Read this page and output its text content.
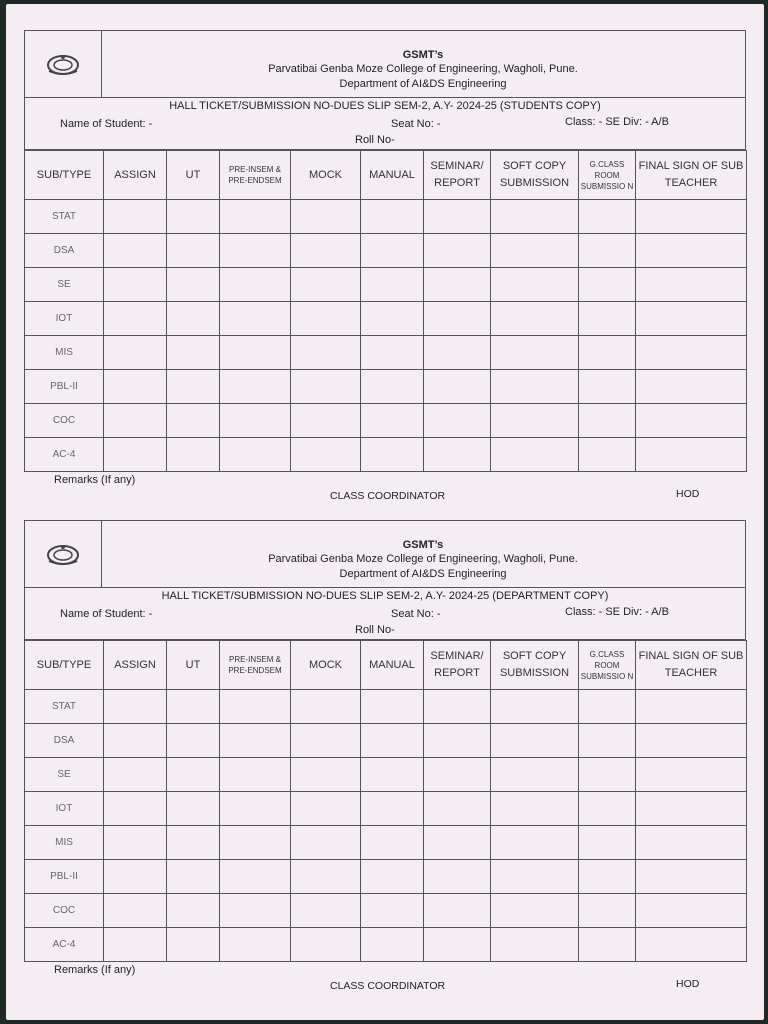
GSMT’s
Parvatibai Genba Moze College of Engineering, Wagholi, Pune.
Department of AI&DS Engineering
HALL TICKET/SUBMISSION NO-DUES SLIP SEM-2, A.Y- 2024-25 (STUDENTS COPY)
Name of Student: -	Seat No: -	Class: - SE Div: - A/B
Roll No-
SUB/TYPE	ASSIGN	UT	PRE-INSEM & PRE-ENDSEM	MOCK	MANUAL	SEMINAR/ REPORT	SOFT COPY SUBMISSION	G.CLASS ROOM SUBMISSIO N	FINAL SIGN OF SUB TEACHER
STAT									
DSA									
SE									
IOT									
MIS									
PBL-II									
COC									
AC-4									
Remarks (If any)
CLASS COORDINATOR	HOD
GSMT’s
Parvatibai Genba Moze College of Engineering, Wagholi, Pune.
Department of AI&DS Engineering
HALL TICKET/SUBMISSION NO-DUES SLIP SEM-2, A.Y- 2024-25 (DEPARTMENT COPY)
Name of Student: -	Seat No: -	Class: - SE Div: - A/B
Roll No-
SUB/TYPE	ASSIGN	UT	PRE-INSEM & PRE-ENDSEM	MOCK	MANUAL	SEMINAR/ REPORT	SOFT COPY SUBMISSION	G.CLASS ROOM SUBMISSIO N	FINAL SIGN OF SUB TEACHER
STAT									
DSA									
SE									
IOT									
MIS									
PBL-II									
COC									
AC-4									
Remarks (If any)
CLASS COORDINATOR	HOD
